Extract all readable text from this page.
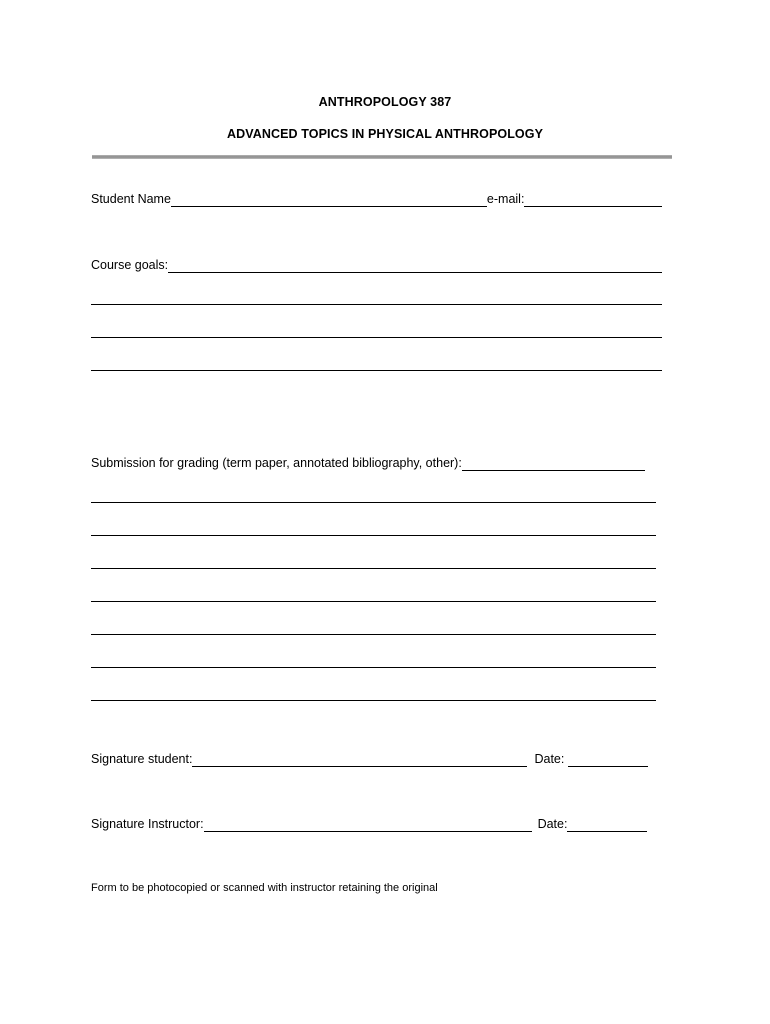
ANTHROPOLOGY 387
ADVANCED TOPICS IN PHYSICAL ANTHROPOLOGY
Student Name	e-mail:
Course goals:
Submission for grading (term paper, annotated bibliography, other):
Signature student:	Date:
Signature Instructor:	Date:
Form to be photocopied or scanned with instructor retaining the original
